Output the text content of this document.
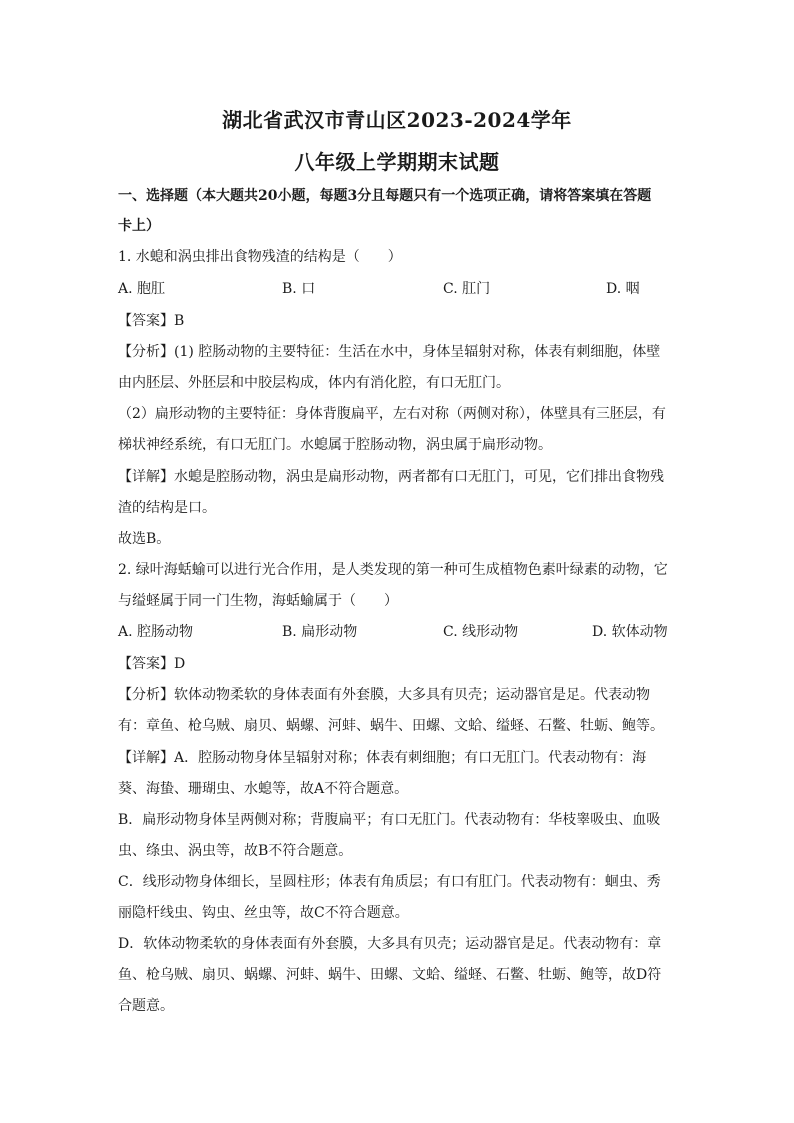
湖北省武汉市青山区2023-2024学年
八年级上学期期末试题
一、选择题（本大题共20小题，每题3分且每题只有一个选项正确，请将答案填在答题
卡上）
1. 水螅和涡虫排出食物残渣的结构是（　　）
A. 胞肛	B. 口	C. 肛门	D. 咽
【答案】B
【分析】(1) 腔肠动物的主要特征：生活在水中，身体呈辐射对称，体表有刺细胞，体壁
由内胚层、外胚层和中胶层构成，体内有消化腔，有口无肛门。
（2）扁形动物的主要特征：身体背腹扁平，左右对称（两侧对称），体壁具有三胚层，有
梯状神经系统，有口无肛门。水螅属于腔肠动物，涡虫属于扁形动物。
【详解】水螅是腔肠动物，涡虫是扁形动物，两者都有口无肛门，可见，它们排出食物残
渣的结构是口。
故选B。
2. 绿叶海蛞蝓可以进行光合作用，是人类发现的第一种可生成植物色素叶绿素的动物，它
与缢蛏属于同一门生物，海蛞蝓属于（　　）
A. 腔肠动物	B. 扁形动物	C. 线形动物	D. 软体动物
【答案】D
【分析】软体动物柔软的身体表面有外套膜，大多具有贝壳；运动器官是足。代表动物
有：章鱼、枪乌贼、扇贝、蜗螺、河蚌、蜗牛、田螺、文蛤、缢蛏、石鳖、牡蛎、鲍等。
【详解】A．腔肠动物身体呈辐射对称；体表有刺细胞；有口无肛门。代表动物有：海
葵、海蛰、珊瑚虫、水螅等，故A不符合题意。
B．扁形动物身体呈两侧对称；背腹扁平；有口无肛门。代表动物有：华枝睾吸虫、血吸
虫、绦虫、涡虫等，故B不符合题意。
C．线形动物身体细长，呈圆柱形；体表有角质层；有口有肛门。代表动物有：蛔虫、秀
丽隐杆线虫、钩虫、丝虫等，故C不符合题意。
D．软体动物柔软的身体表面有外套膜，大多具有贝壳；运动器官是足。代表动物有：章
鱼、枪乌贼、扇贝、蜗螺、河蚌、蜗牛、田螺、文蛤、缢蛏、石鳖、牡蛎、鲍等，故D符
合题意。
